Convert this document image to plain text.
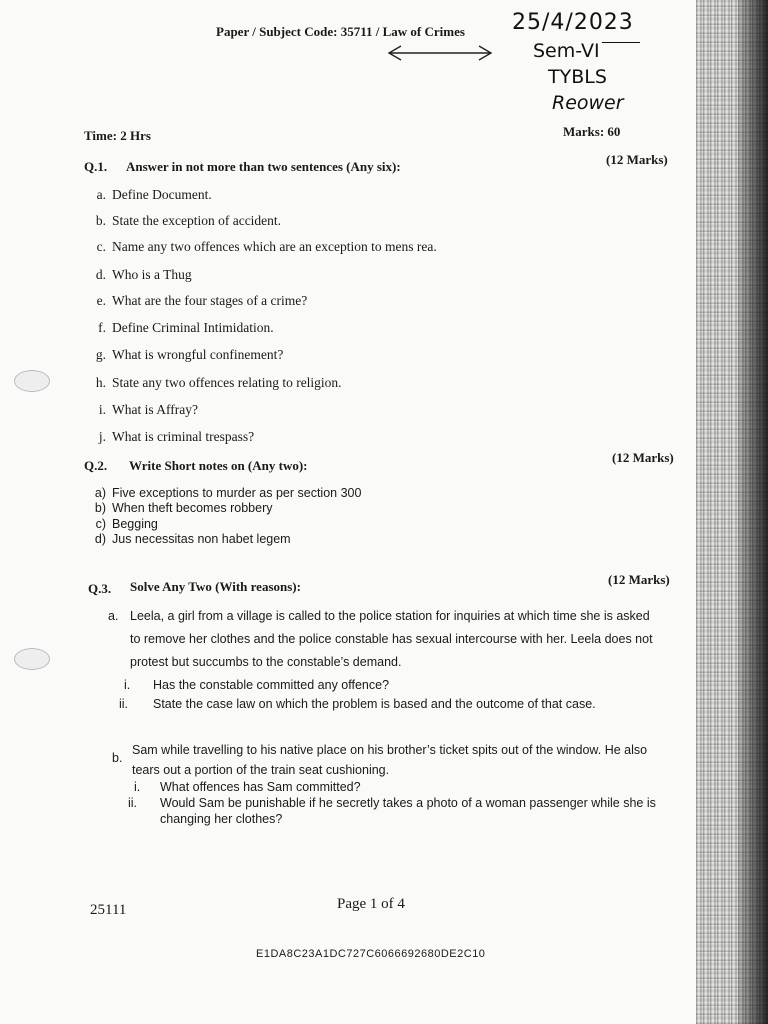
Paper / Subject Code: 35711 / Law of Crimes 25/4/2023
Sem-VI
TYBLS
Reower
Time: 2 Hrs	Marks: 60
Q.1. Answer in not more than two sentences (Any six):	(12 Marks)
a. Define Document.
b. State the exception of accident.
c. Name any two offences which are an exception to mens rea.
d. Who is a Thug
e. What are the four stages of a crime?
f. Define Criminal Intimidation.
g. What is wrongful confinement?
h. State any two offences relating to religion.
i. What is Affray?
j. What is criminal trespass?
Q.2. Write Short notes on (Any two):
(12 Marks)
a) Five exceptions to murder as per section 300
b) When theft becomes robbery
c) Begging
d) Jus necessitas non habet legem
Q.3. Solve Any Two (With reasons):	(12 Marks)
a. Leela, a girl from a village is called to the police station for inquiries at which time she is asked
to remove her clothes and the police constable has sexual intercourse with her. Leela does not
protest but succumbs to the constable’s demand.
i. Has the constable committed any offence?
ii. State the case law on which the problem is based and the outcome of that case.
b.
Sam while travelling to his native place on his brother’s ticket spits out of the window. He also
tears out a portion of the train seat cushioning.
i. What offences has Sam committed?
ii. Would Sam be punishable if he secretly takes a photo of a woman passenger while she is
changing her clothes?
25111	Page 1 of 4
E1DA8C23A1DC727C6066692680DE2C10
